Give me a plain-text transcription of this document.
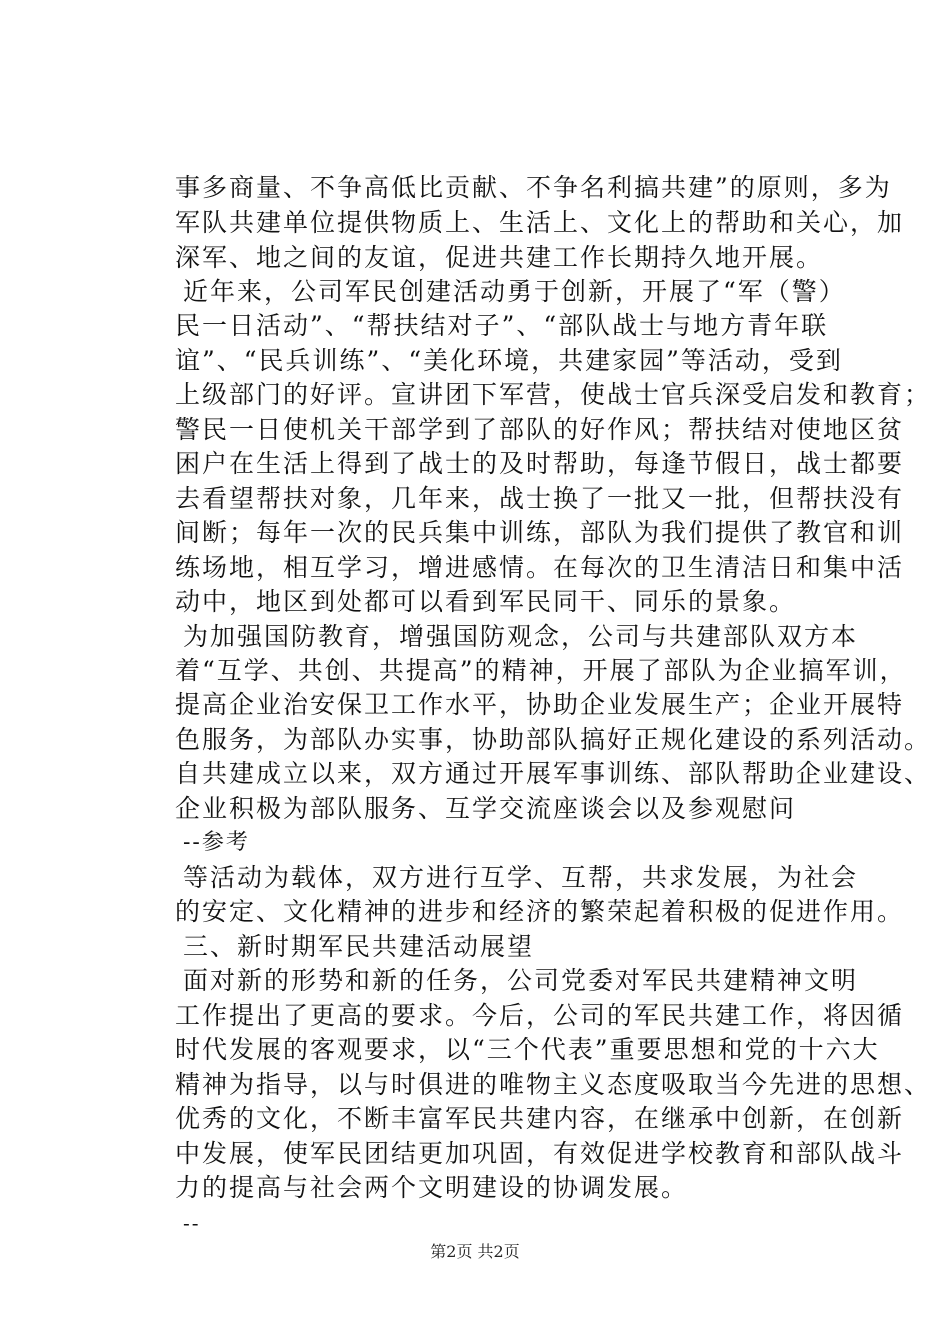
事多商量、不争高低比贡献、不争名利搞共建”的原则，多为
军队共建单位提供物质上、生活上、文化上的帮助和关心，加
深军、地之间的友谊，促进共建工作长期持久地开展。
近年来，公司军民创建活动勇于创新，开展了“军（警）
民一日活动”、“帮扶结对子”、“部队战士与地方青年联
谊”、“民兵训练”、“美化环境，共建家园”等活动，受到
上级部门的好评。宣讲团下军营，使战士官兵深受启发和教育；
警民一日使机关干部学到了部队的好作风；帮扶结对使地区贫
困户在生活上得到了战士的及时帮助，每逢节假日，战士都要
去看望帮扶对象，几年来，战士换了一批又一批，但帮扶没有
间断；每年一次的民兵集中训练，部队为我们提供了教官和训
练场地，相互学习，增进感情。在每次的卫生清洁日和集中活
动中，地区到处都可以看到军民同干、同乐的景象。
为加强国防教育，增强国防观念，公司与共建部队双方本
着“互学、共创、共提高”的精神，开展了部队为企业搞军训，
提高企业治安保卫工作水平，协助企业发展生产；企业开展特
色服务，为部队办实事，协助部队搞好正规化建设的系列活动。
自共建成立以来，双方通过开展军事训练、部队帮助企业建设、
企业积极为部队服务、互学交流座谈会以及参观慰问
--参考
等活动为载体，双方进行互学、互帮，共求发展，为社会
的安定、文化精神的进步和经济的繁荣起着积极的促进作用。
三、新时期军民共建活动展望
面对新的形势和新的任务，公司党委对军民共建精神文明
工作提出了更高的要求。今后，公司的军民共建工作，将因循
时代发展的客观要求，以“三个代表”重要思想和党的十六大
精神为指导，以与时俱进的唯物主义态度吸取当今先进的思想、
优秀的文化，不断丰富军民共建内容，在继承中创新，在创新
中发展，使军民团结更加巩固，有效促进学校教育和部队战斗
力的提高与社会两个文明建设的协调发展。
--
第2页 共2页
